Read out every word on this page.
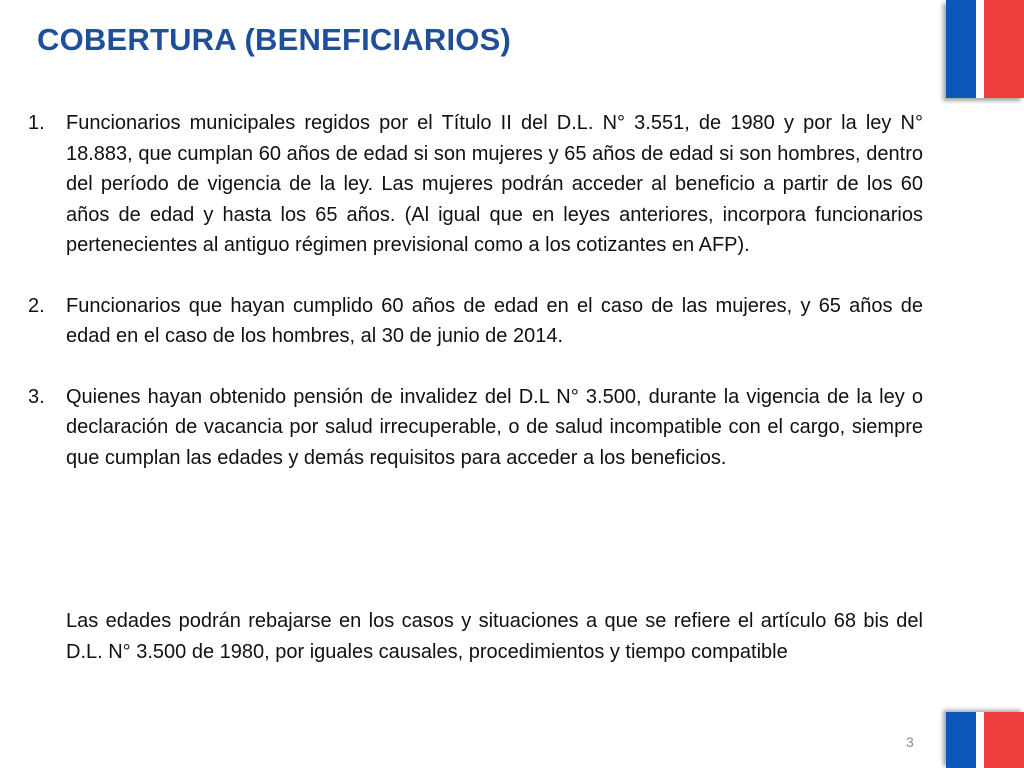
COBERTURA (BENEFICIARIOS)
1.	Funcionarios municipales regidos por el Título II del D.L. N° 3.551, de 1980 y por la ley N° 18.883, que cumplan 60 años de edad si son mujeres y 65 años de edad si son hombres, dentro del período de vigencia de la ley. Las mujeres podrán acceder al beneficio a partir de los 60 años de edad y hasta los 65 años. (Al igual que en leyes anteriores, incorpora funcionarios pertenecientes al antiguo régimen previsional como a los cotizantes en AFP).

2.	Funcionarios que hayan cumplido 60 años de edad en el caso de las mujeres, y 65 años de edad en el caso de los hombres, al 30 de junio de 2014.

3.	Quienes hayan obtenido pensión de invalidez del D.L N° 3.500, durante la vigencia de la ley o declaración de vacancia por salud irrecuperable, o de salud incompatible con el cargo, siempre que cumplan las edades y demás requisitos para acceder a los beneficios.

Las edades podrán rebajarse en los casos y situaciones a que se refiere el artículo 68 bis del D.L. N° 3.500 de 1980, por iguales causales, procedimientos y tiempo compatible

3
